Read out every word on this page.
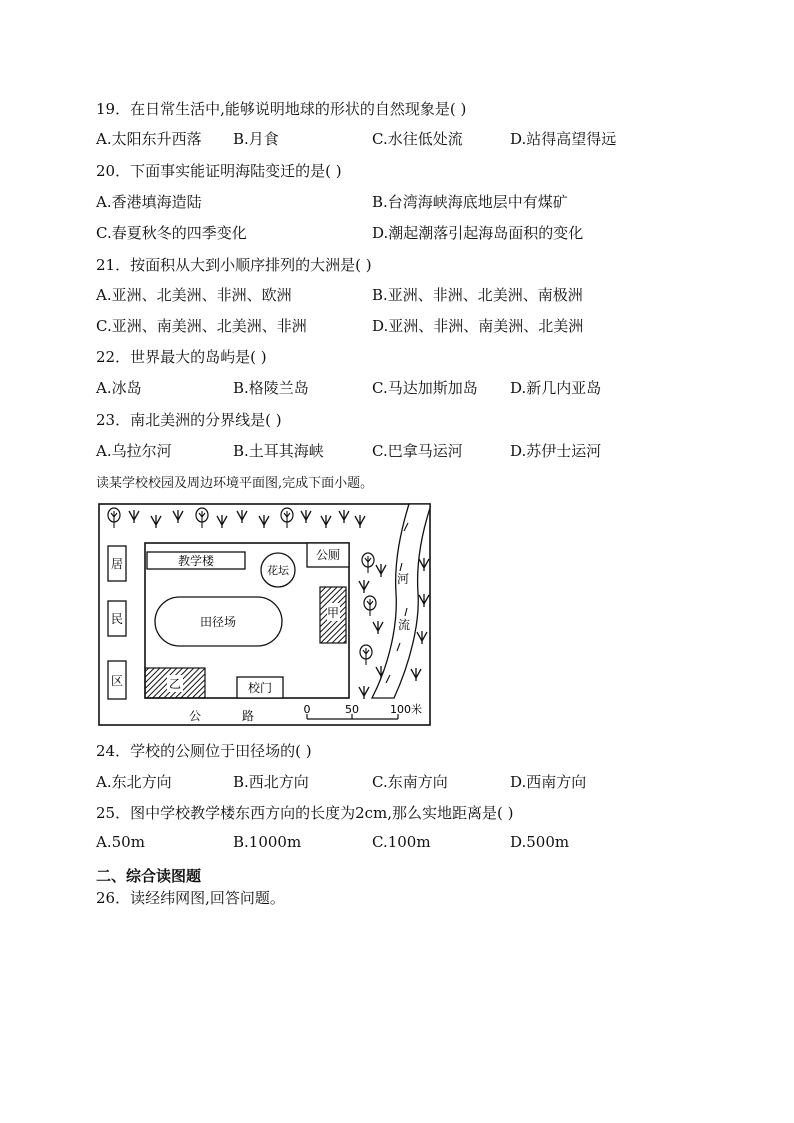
19．在日常生活中,能够说明地球的形状的自然现象是( )
A.太阳东升西落 B.月食	C.水往低处流	D.站得高望得远
20．下面事实能证明海陆变迁的是( )
A.香港填海造陆	B.台湾海峡海底地层中有煤矿
C.春夏秋冬的四季变化	D.潮起潮落引起海岛面积的变化
21．按面积从大到小顺序排列的大洲是( )
A.亚洲、北美洲、非洲、欧洲	B.亚洲、非洲、北美洲、南极洲
C.亚洲、南美洲、北美洲、非洲	D.亚洲、非洲、南美洲、北美洲
22．世界最大的岛屿是( )
A.冰岛	B.格陵兰岛	C.马达加斯加岛 D.新几内亚岛
23．南北美洲的分界线是( )
A.乌拉尔河	B.土耳其海峡	C.巴拿马运河	D.苏伊士运河
读某学校校园及周边环境平面图,完成下面小题。
居
民
区
教学楼
花坛
公厕
田径场
甲
乙	校门
河
流
公	路	0	50	100米
24．学校的公厕位于田径场的( )
A.东北方向	B.西北方向	C.东南方向	D.西南方向
25．图中学校教学楼东西方向的长度为2cm,那么实地距离是( )
A.50m	B.1000m	C.100m	D.500m
二、综合读图题
26．读经纬网图,回答问题。
